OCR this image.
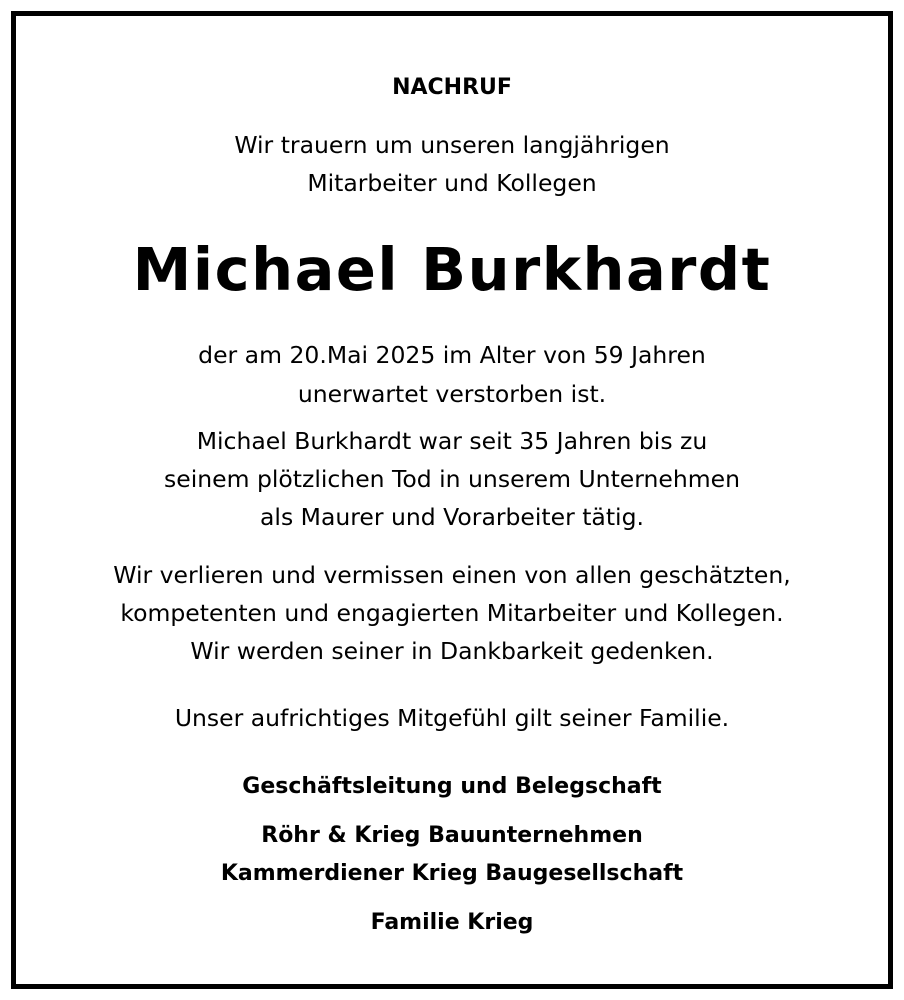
NACHRUF
Wir trauern um unseren langjährigen
Mitarbeiter und Kollegen
Michael Burkhardt
der am 20.Mai 2025 im Alter von 59 Jahren
unerwartet verstorben ist.
Michael Burkhardt war seit 35 Jahren bis zu
seinem plötzlichen Tod in unserem Unternehmen
als Maurer und Vorarbeiter tätig.
Wir verlieren und vermissen einen von allen geschätzten,
kompetenten und engagierten Mitarbeiter und Kollegen.
Wir werden seiner in Dankbarkeit gedenken.
Unser aufrichtiges Mitgefühl gilt seiner Familie.
Geschäftsleitung und Belegschaft
Röhr & Krieg Bauunternehmen
Kammerdiener Krieg Baugesellschaft
Familie Krieg
